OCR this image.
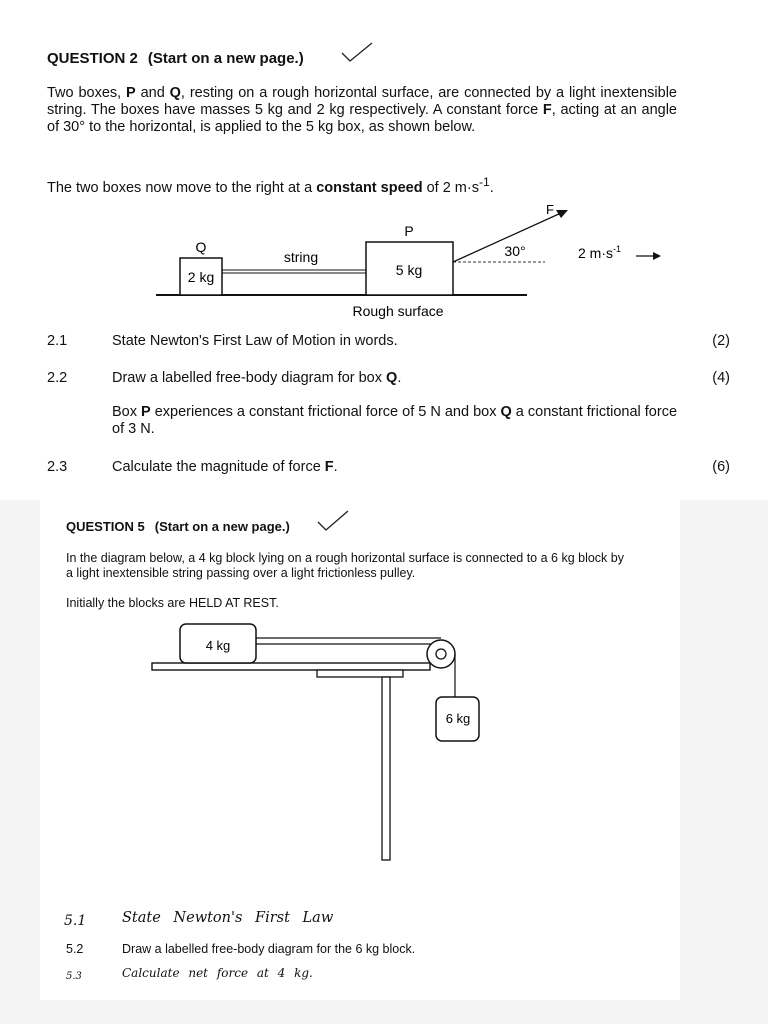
QUESTION 2 (Start on a new page.)
Two boxes, P and Q, resting on a rough horizontal surface, are connected by a light inextensible string. The boxes have masses 5 kg and 2 kg respectively. A constant force F, acting at an angle of 30° to the horizontal, is applied to the 5 kg box, as shown below.
The two boxes now move to the right at a constant speed of 2 $m\cdot s^{-1}$.
Q
2 kg
string
P
5 kg
F
30°	2 $m\cdot s^{-1}$
Rough surface
2.1	State Newton's First Law of Motion in words.	(2)
2.2	Draw a labelled free-body diagram for box Q.	(4)
Box P experiences a constant frictional force of 5 N and box Q a constant frictional force of 3 N.
2.3	Calculate the magnitude of force F.	(6)
QUESTION 5 (Start on a new page.)
In the diagram below, a 4 kg block lying on a rough horizontal surface is connected to a 6 kg block by a light inextensible string passing over a light frictionless pulley.
Initially the blocks are HELD AT REST.
4 kg
6 kg
5.1 State Newton's First Law
5.2	Draw a labelled free-body diagram for the 6 kg block.
5.3	Calculate net force at 4 kg.
